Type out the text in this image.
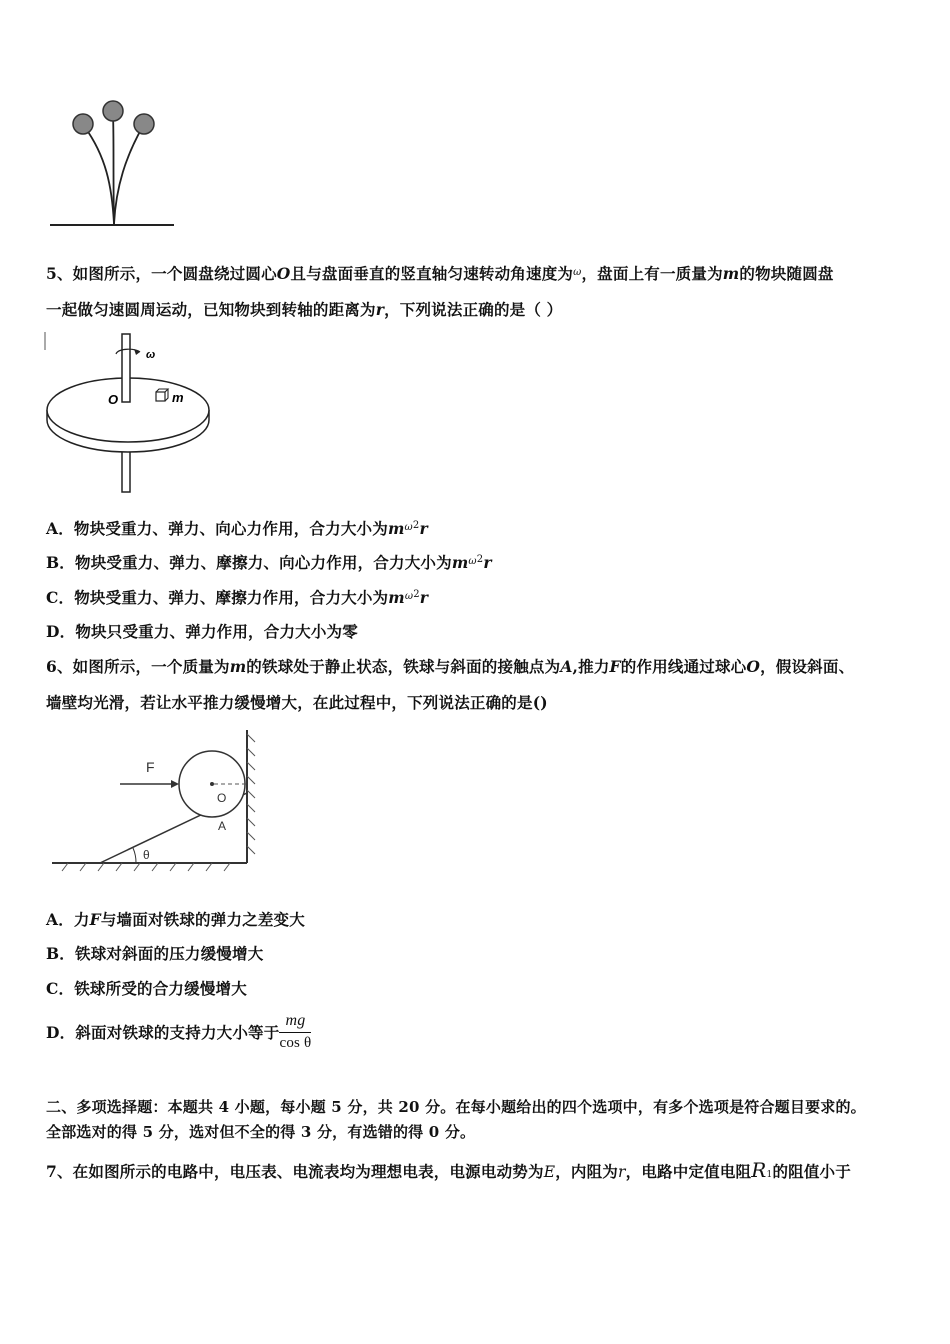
5、如图所示，一个圆盘绕过圆心O且与盘面垂直的竖直轴匀速转动角速度为$^\omega$，盘面上有一质量为m的物块随圆盘
一起做匀速圆周运动，已知物块到转轴的距离为r，下列说法正确的是（ ）
ω
O	m
A．物块受重力、弹力、向心力作用，合力大小为$m^{\omega 2}r$
B．物块受重力、弹力、摩擦力、向心力作用，合力大小为$m^{\omega 2}r$
C．物块受重力、弹力、摩擦力作用，合力大小为$m^{\omega 2}r$
D．物块只受重力、弹力作用，合力大小为零
6、如图所示，一个质量为m的铁球处于静止状态，铁球与斜面的接触点为A,推力F的作用线通过球心O，假设斜面、
墙壁均光滑，若让水平推力缓慢增大，在此过程中，下列说法正确的是()
θ
O
A
F
A．力F与墙面对铁球的弹力之差变大
B．铁球对斜面的压力缓慢增大
C．铁球所受的合力缓慢增大
D．斜面对铁球的支持力大小等于 $\frac{mg}{\text{cos θ}}$
二、多项选择题：本题共 4 小题，每小题 5 分，共 20 分。在每小题给出的四个选项中，有多个选项是符合题目要求的。
全部选对的得 5 分，选对但不全的得 3 分，有选错的得 0 分。
7、在如图所示的电路中，电压表、电流表均为理想电表，电源电动势为E，内阻为r，电路中定值电阻R1的阻值小于
